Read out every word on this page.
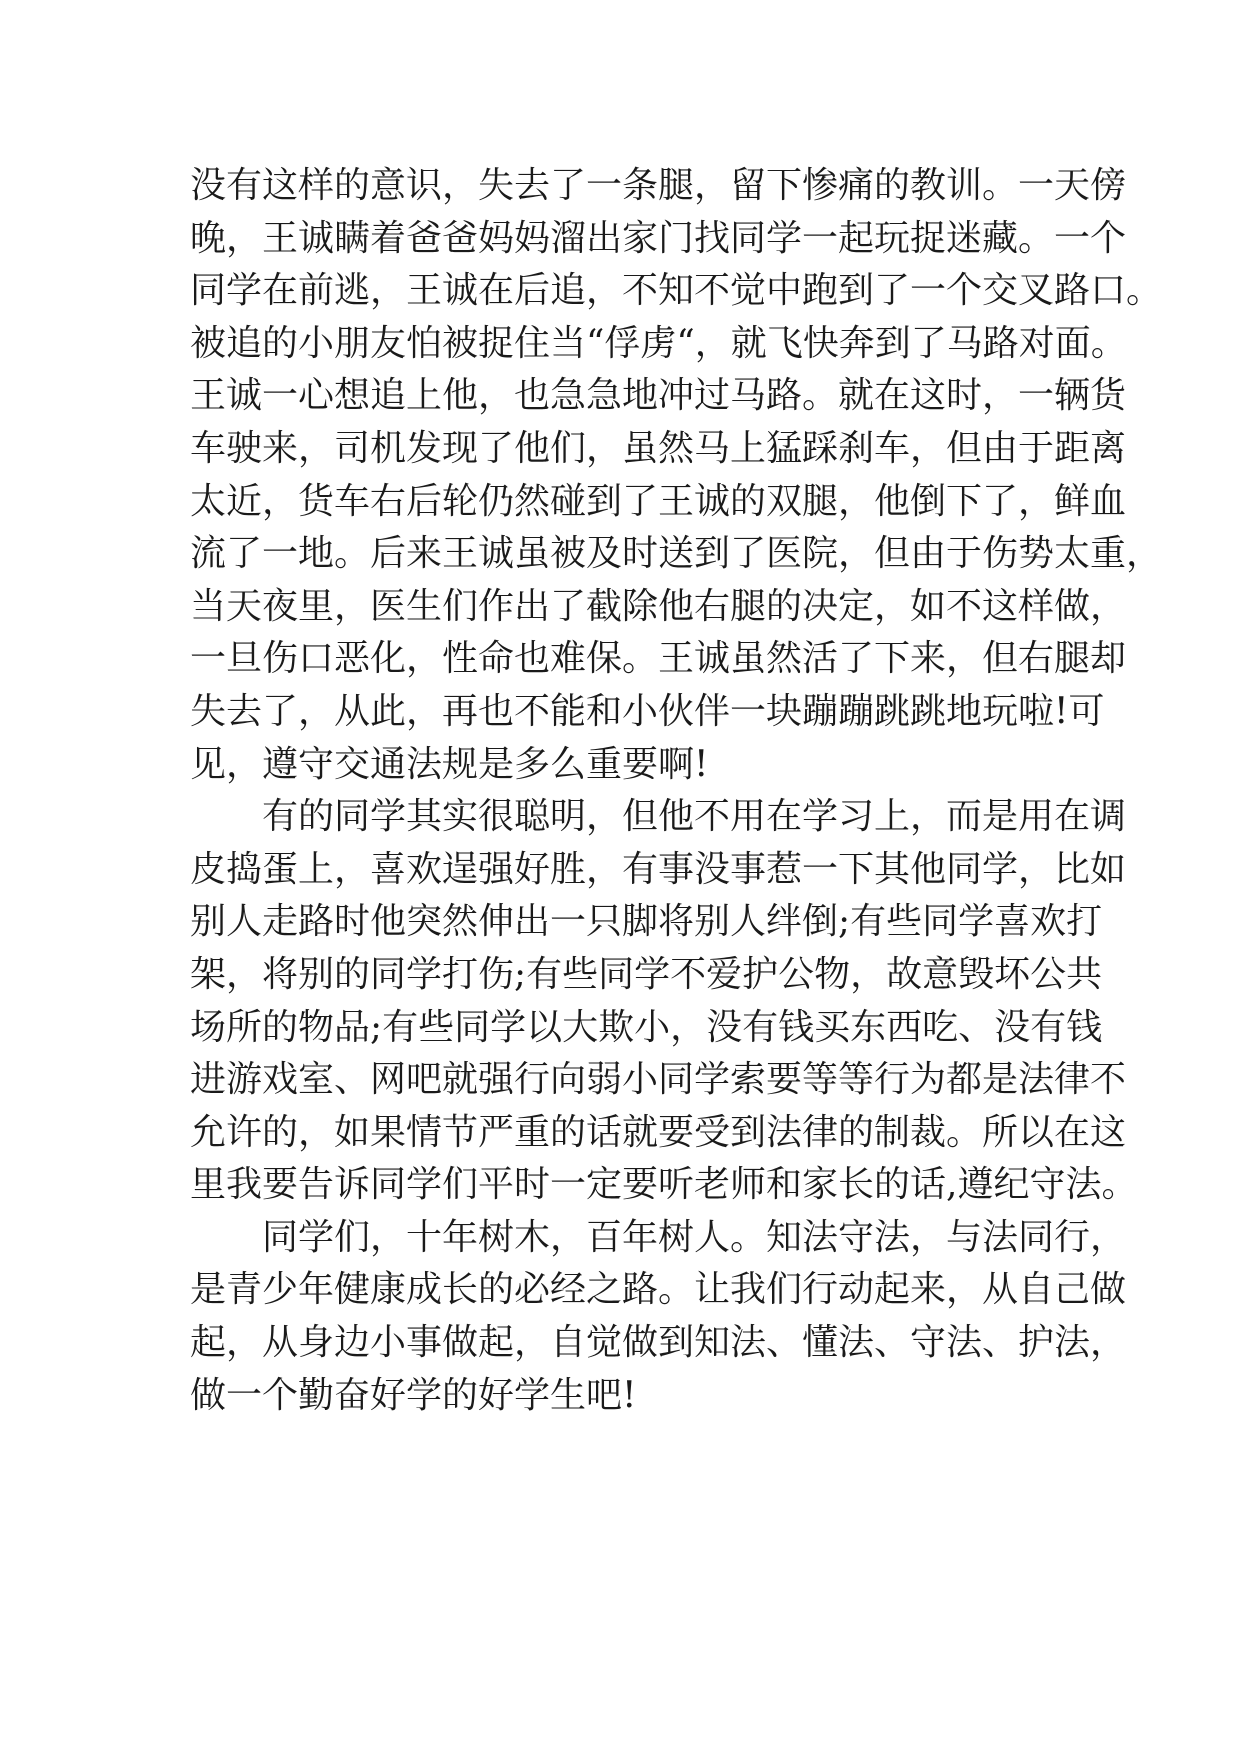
没有这样的意识，失去了一条腿，留下惨痛的教训。一天傍
晚，王诚瞒着爸爸妈妈溜出家门找同学一起玩捉迷藏。一个
同学在前逃，王诚在后追，不知不觉中跑到了一个交叉路口。
被追的小朋友怕被捉住当“俘虏“，就飞快奔到了马路对面。
王诚一心想追上他，也急急地冲过马路。就在这时，一辆货
车驶来，司机发现了他们，虽然马上猛踩刹车，但由于距离
太近，货车右后轮仍然碰到了王诚的双腿，他倒下了，鲜血
流了一地。后来王诚虽被及时送到了医院，但由于伤势太重，
当天夜里，医生们作出了截除他右腿的决定，如不这样做，
一旦伤口恶化，性命也难保。王诚虽然活了下来，但右腿却
失去了，从此，再也不能和小伙伴一块蹦蹦跳跳地玩啦!可
见，遵守交通法规是多么重要啊!
有的同学其实很聪明，但他不用在学习上，而是用在调
皮捣蛋上，喜欢逞强好胜，有事没事惹一下其他同学，比如
别人走路时他突然伸出一只脚将别人绊倒;有些同学喜欢打
架，将别的同学打伤;有些同学不爱护公物，故意毁坏公共
场所的物品;有些同学以大欺小，没有钱买东西吃、没有钱
进游戏室、网吧就强行向弱小同学索要等等行为都是法律不
允许的，如果情节严重的话就要受到法律的制裁。所以在这
里我要告诉同学们平时一定要听老师和家长的话,遵纪守法。
同学们，十年树木，百年树人。知法守法，与法同行，
是青少年健康成长的必经之路。让我们行动起来，从自己做
起，从身边小事做起，自觉做到知法、懂法、守法、护法，
做一个勤奋好学的好学生吧!
